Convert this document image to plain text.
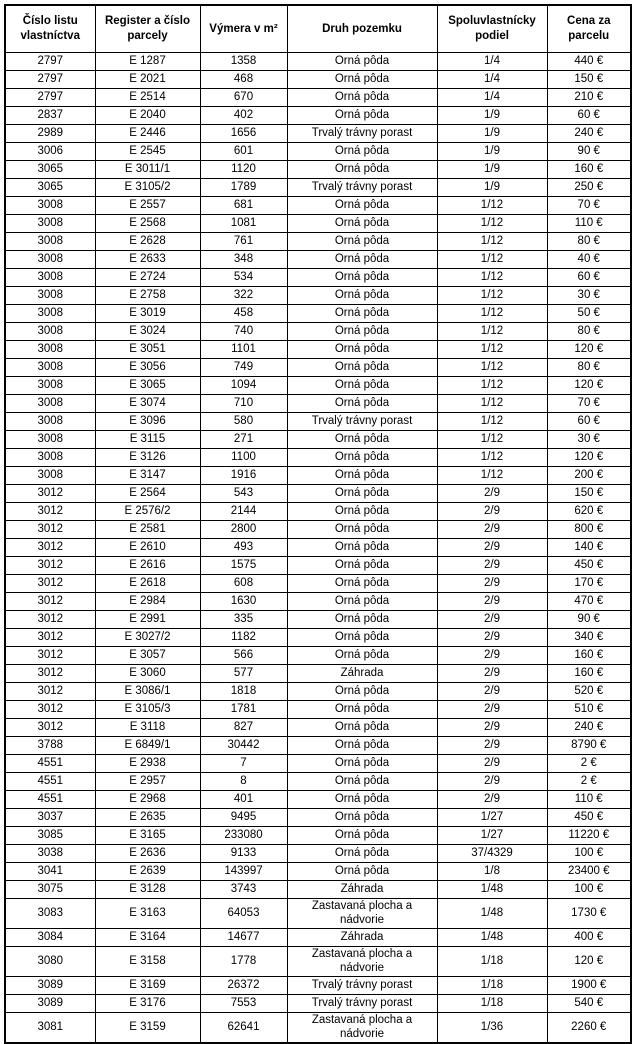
Číslo listu vlastníctva	Register a číslo parcely	Výmera v m²	Druh pozemku	Spoluvlastnícky podiel	Cena za parcelu
2797	E 1287	1358	Orná pôda	1/4	440 €
2797	E 2021	468	Orná pôda	1/4	150 €
2797	E 2514	670	Orná pôda	1/4	210 €
2837	E 2040	402	Orná pôda	1/9	60 €
2989	E 2446	1656	Trvalý trávny porast	1/9	240 €
3006	E 2545	601	Orná pôda	1/9	90 €
3065	E 3011/1	1120	Orná pôda	1/9	160 €
3065	E 3105/2	1789	Trvalý trávny porast	1/9	250 €
3008	E 2557	681	Orná pôda	1/12	70 €
3008	E 2568	1081	Orná pôda	1/12	110 €
3008	E 2628	761	Orná pôda	1/12	80 €
3008	E 2633	348	Orná pôda	1/12	40 €
3008	E 2724	534	Orná pôda	1/12	60 €
3008	E 2758	322	Orná pôda	1/12	30 €
3008	E 3019	458	Orná pôda	1/12	50 €
3008	E 3024	740	Orná pôda	1/12	80 €
3008	E 3051	1101	Orná pôda	1/12	120 €
3008	E 3056	749	Orná pôda	1/12	80 €
3008	E 3065	1094	Orná pôda	1/12	120 €
3008	E 3074	710	Orná pôda	1/12	70 €
3008	E 3096	580	Trvalý trávny porast	1/12	60 €
3008	E 3115	271	Orná pôda	1/12	30 €
3008	E 3126	1100	Orná pôda	1/12	120 €
3008	E 3147	1916	Orná pôda	1/12	200 €
3012	E 2564	543	Orná pôda	2/9	150 €
3012	E 2576/2	2144	Orná pôda	2/9	620 €
3012	E 2581	2800	Orná pôda	2/9	800 €
3012	E 2610	493	Orná pôda	2/9	140 €
3012	E 2616	1575	Orná pôda	2/9	450 €
3012	E 2618	608	Orná pôda	2/9	170 €
3012	E 2984	1630	Orná pôda	2/9	470 €
3012	E 2991	335	Orná pôda	2/9	90 €
3012	E 3027/2	1182	Orná pôda	2/9	340 €
3012	E 3057	566	Orná pôda	2/9	160 €
3012	E 3060	577	Záhrada	2/9	160 €
3012	E 3086/1	1818	Orná pôda	2/9	520 €
3012	E 3105/3	1781	Orná pôda	2/9	510 €
3012	E 3118	827	Orná pôda	2/9	240 €
3788	E 6849/1	30442	Orná pôda	2/9	8790 €
4551	E 2938	7	Orná pôda	2/9	2 €
4551	E 2957	8	Orná pôda	2/9	2 €
4551	E 2968	401	Orná pôda	2/9	110 €
3037	E 2635	9495	Orná pôda	1/27	450 €
3085	E 3165	233080	Orná pôda	1/27	11220 €
3038	E 2636	9133	Orná pôda	37/4329	100 €
3041	E 2639	143997	Orná pôda	1/8	23400 €
3075	E 3128	3743	Záhrada	1/48	100 €
3083	E 3163	64053	Zastavaná plocha a nádvorie	1/48	1730 €
3084	E 3164	14677	Záhrada	1/48	400 €
3080	E 3158	1778	Zastavaná plocha a nádvorie	1/18	120 €
3089	E 3169	26372	Trvalý trávny porast	1/18	1900 €
3089	E 3176	7553	Trvalý trávny porast	1/18	540 €
3081	E 3159	62641	Zastavaná plocha a nádvorie	1/36	2260 €
